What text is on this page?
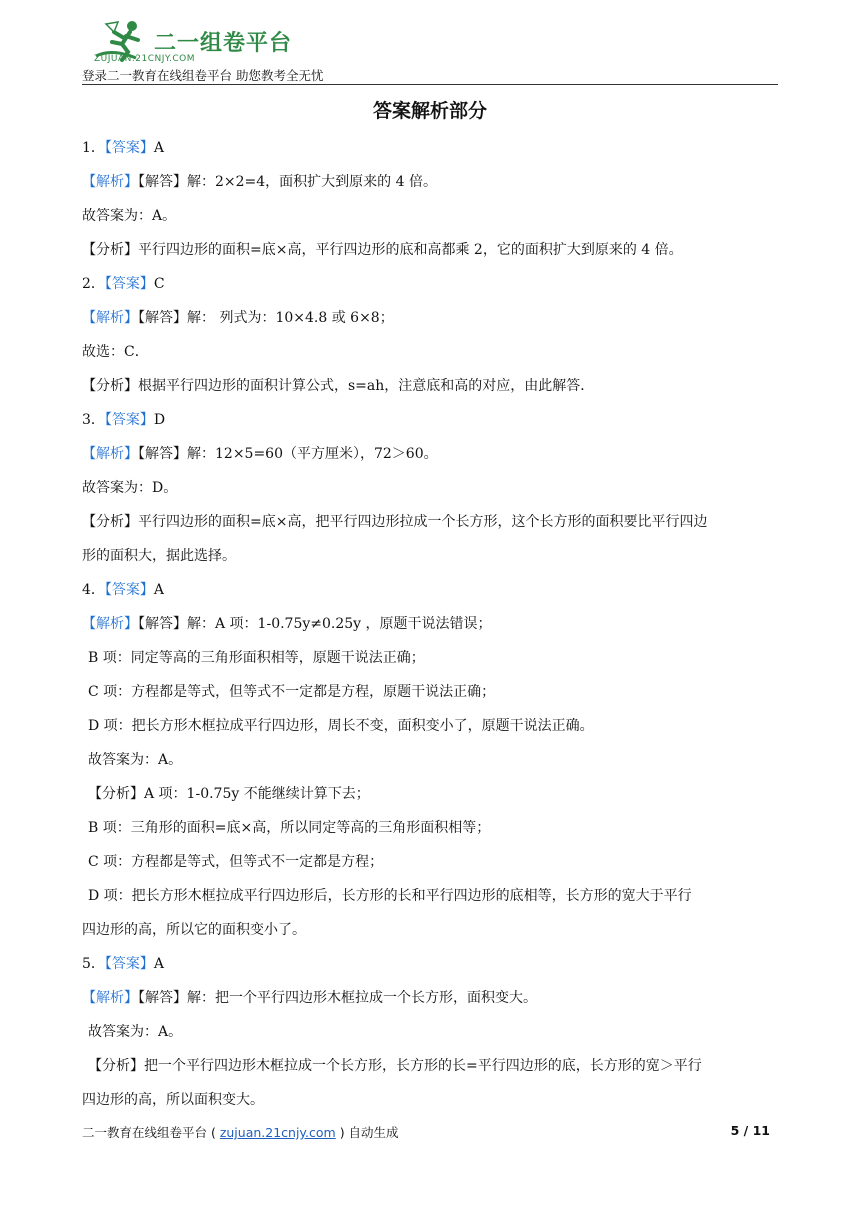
二一组卷平台
ZUJUAN.21CNJY.COM
登录二一教育在线组卷平台 助您教考全无忧
答案解析部分
1．【答案】A
【解析】【解答】解：2×2=4，面积扩大到原来的 4 倍。
故答案为：A。
【分析】平行四边形的面积=底×高，平行四边形的底和高都乘 2，它的面积扩大到原来的 4 倍。
2．【答案】C
【解析】【解答】解： 列式为：10×4.8 或 6×8；
故选：C．
【分析】根据平行四边形的面积计算公式，s=ah，注意底和高的对应，由此解答．
3．【答案】D
【解析】【解答】解：12×5=60（平方厘米），72＞60。
故答案为：D。
【分析】平行四边形的面积=底×高，把平行四边形拉成一个长方形，这个长方形的面积要比平行四边
形的面积大，据此选择。
4．【答案】A
【解析】【解答】解：A 项：1-0.75y≠0.25y ，原题干说法错误；
B 项：同定等高的三角形面积相等，原题干说法正确；
C 项：方程都是等式，但等式不一定都是方程，原题干说法正确；
D 项：把长方形木框拉成平行四边形，周长不变，面积变小了，原题干说法正确。
故答案为：A。
【分析】A 项：1-0.75y 不能继续计算下去；
B 项：三角形的面积=底×高，所以同定等高的三角形面积相等；
C 项：方程都是等式，但等式不一定都是方程；
D 项：把长方形木框拉成平行四边形后，长方形的长和平行四边形的底相等，长方形的宽大于平行
四边形的高，所以它的面积变小了。
5．【答案】A
【解析】【解答】解：把一个平行四边形木框拉成一个长方形，面积变大。
故答案为：A。
【分析】把一个平行四边形木框拉成一个长方形，长方形的长=平行四边形的底，长方形的宽＞平行
四边形的高，所以面积变大。
二一教育在线组卷平台 ( zujuan.21cnjy.com ) 自动生成	5 / 11
